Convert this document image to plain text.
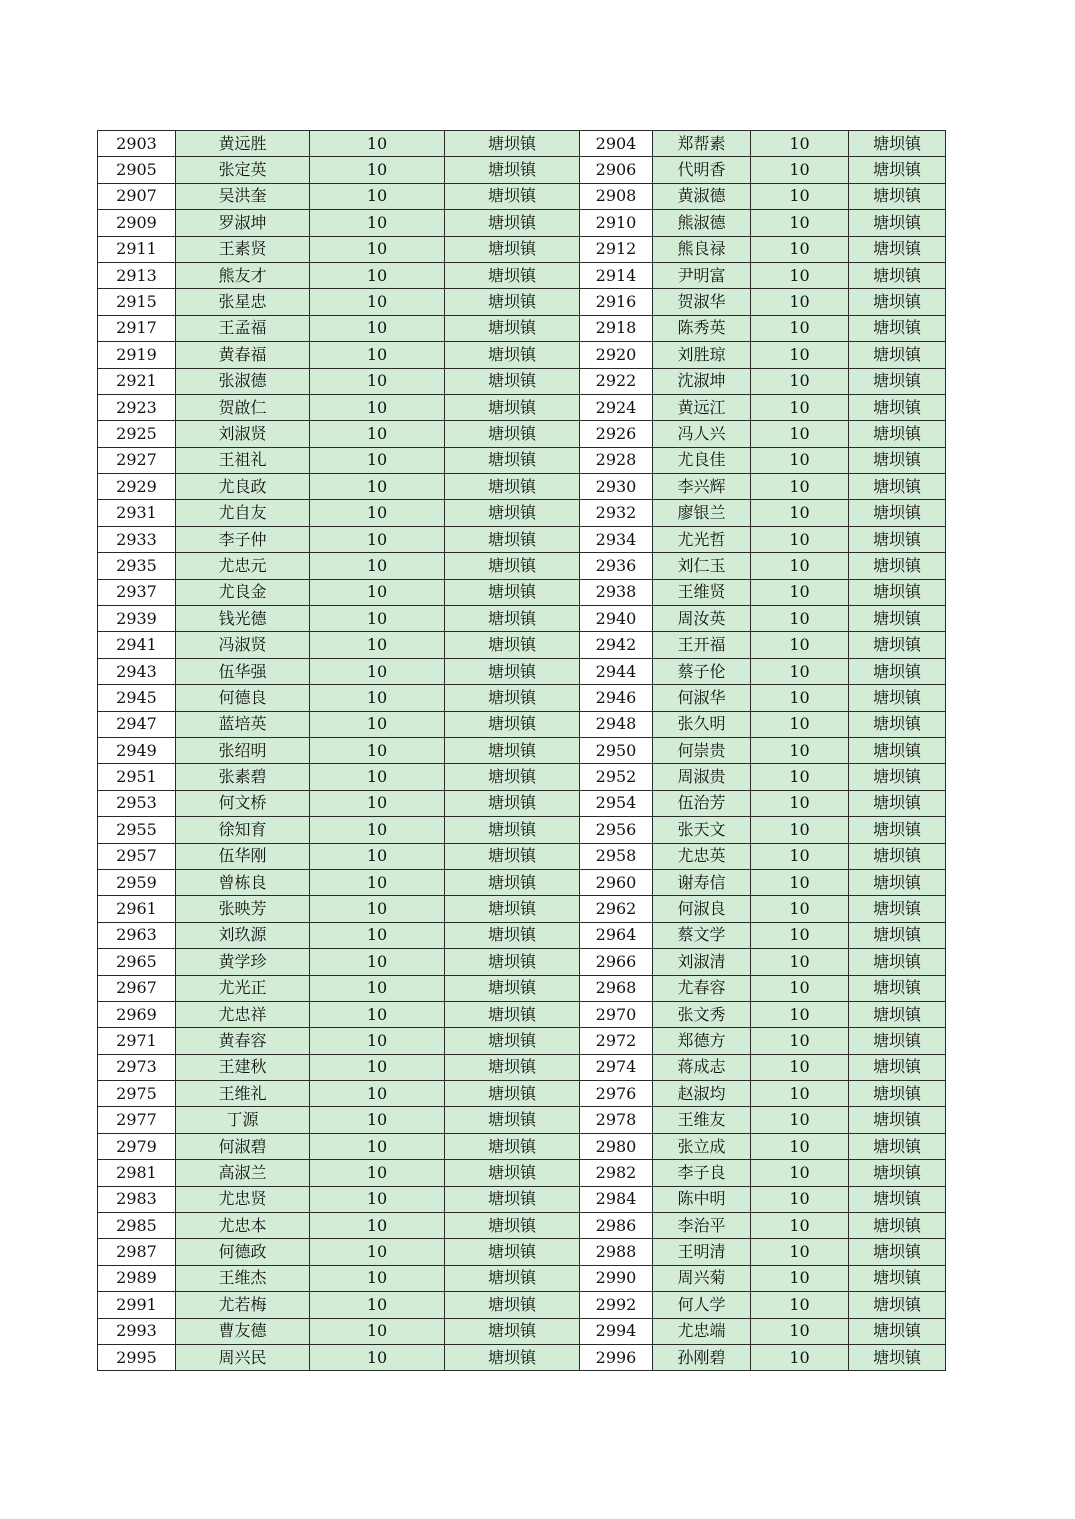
2903	黄远胜	10	塘坝镇	2904	郑帮素	10	塘坝镇
2905	张定英	10	塘坝镇	2906	代明香	10	塘坝镇
2907	吴洪奎	10	塘坝镇	2908	黄淑德	10	塘坝镇
2909	罗淑坤	10	塘坝镇	2910	熊淑德	10	塘坝镇
2911	王素贤	10	塘坝镇	2912	熊良禄	10	塘坝镇
2913	熊友才	10	塘坝镇	2914	尹明富	10	塘坝镇
2915	张星忠	10	塘坝镇	2916	贺淑华	10	塘坝镇
2917	王孟福	10	塘坝镇	2918	陈秀英	10	塘坝镇
2919	黄春福	10	塘坝镇	2920	刘胜琼	10	塘坝镇
2921	张淑德	10	塘坝镇	2922	沈淑坤	10	塘坝镇
2923	贺啟仁	10	塘坝镇	2924	黄远江	10	塘坝镇
2925	刘淑贤	10	塘坝镇	2926	冯人兴	10	塘坝镇
2927	王祖礼	10	塘坝镇	2928	尤良佳	10	塘坝镇
2929	尤良政	10	塘坝镇	2930	李兴辉	10	塘坝镇
2931	尤自友	10	塘坝镇	2932	廖银兰	10	塘坝镇
2933	李子仲	10	塘坝镇	2934	尤光哲	10	塘坝镇
2935	尤忠元	10	塘坝镇	2936	刘仁玉	10	塘坝镇
2937	尤良金	10	塘坝镇	2938	王维贤	10	塘坝镇
2939	钱光德	10	塘坝镇	2940	周汝英	10	塘坝镇
2941	冯淑贤	10	塘坝镇	2942	王开福	10	塘坝镇
2943	伍华强	10	塘坝镇	2944	蔡子伦	10	塘坝镇
2945	何德良	10	塘坝镇	2946	何淑华	10	塘坝镇
2947	蓝培英	10	塘坝镇	2948	张久明	10	塘坝镇
2949	张绍明	10	塘坝镇	2950	何崇贵	10	塘坝镇
2951	张素碧	10	塘坝镇	2952	周淑贵	10	塘坝镇
2953	何文桥	10	塘坝镇	2954	伍治芳	10	塘坝镇
2955	徐知育	10	塘坝镇	2956	张天文	10	塘坝镇
2957	伍华刚	10	塘坝镇	2958	尤忠英	10	塘坝镇
2959	曾栋良	10	塘坝镇	2960	谢寿信	10	塘坝镇
2961	张映芳	10	塘坝镇	2962	何淑良	10	塘坝镇
2963	刘玖源	10	塘坝镇	2964	蔡文学	10	塘坝镇
2965	黄学珍	10	塘坝镇	2966	刘淑清	10	塘坝镇
2967	尤光正	10	塘坝镇	2968	尤春容	10	塘坝镇
2969	尤忠祥	10	塘坝镇	2970	张文秀	10	塘坝镇
2971	黄春容	10	塘坝镇	2972	郑德方	10	塘坝镇
2973	王建秋	10	塘坝镇	2974	蒋成志	10	塘坝镇
2975	王维礼	10	塘坝镇	2976	赵淑均	10	塘坝镇
2977	丁源	10	塘坝镇	2978	王维友	10	塘坝镇
2979	何淑碧	10	塘坝镇	2980	张立成	10	塘坝镇
2981	高淑兰	10	塘坝镇	2982	李子良	10	塘坝镇
2983	尤忠贤	10	塘坝镇	2984	陈中明	10	塘坝镇
2985	尤忠本	10	塘坝镇	2986	李治平	10	塘坝镇
2987	何德政	10	塘坝镇	2988	王明清	10	塘坝镇
2989	王维杰	10	塘坝镇	2990	周兴菊	10	塘坝镇
2991	尤若梅	10	塘坝镇	2992	何人学	10	塘坝镇
2993	曹友德	10	塘坝镇	2994	尤忠端	10	塘坝镇
2995	周兴民	10	塘坝镇	2996	孙刚碧	10	塘坝镇
